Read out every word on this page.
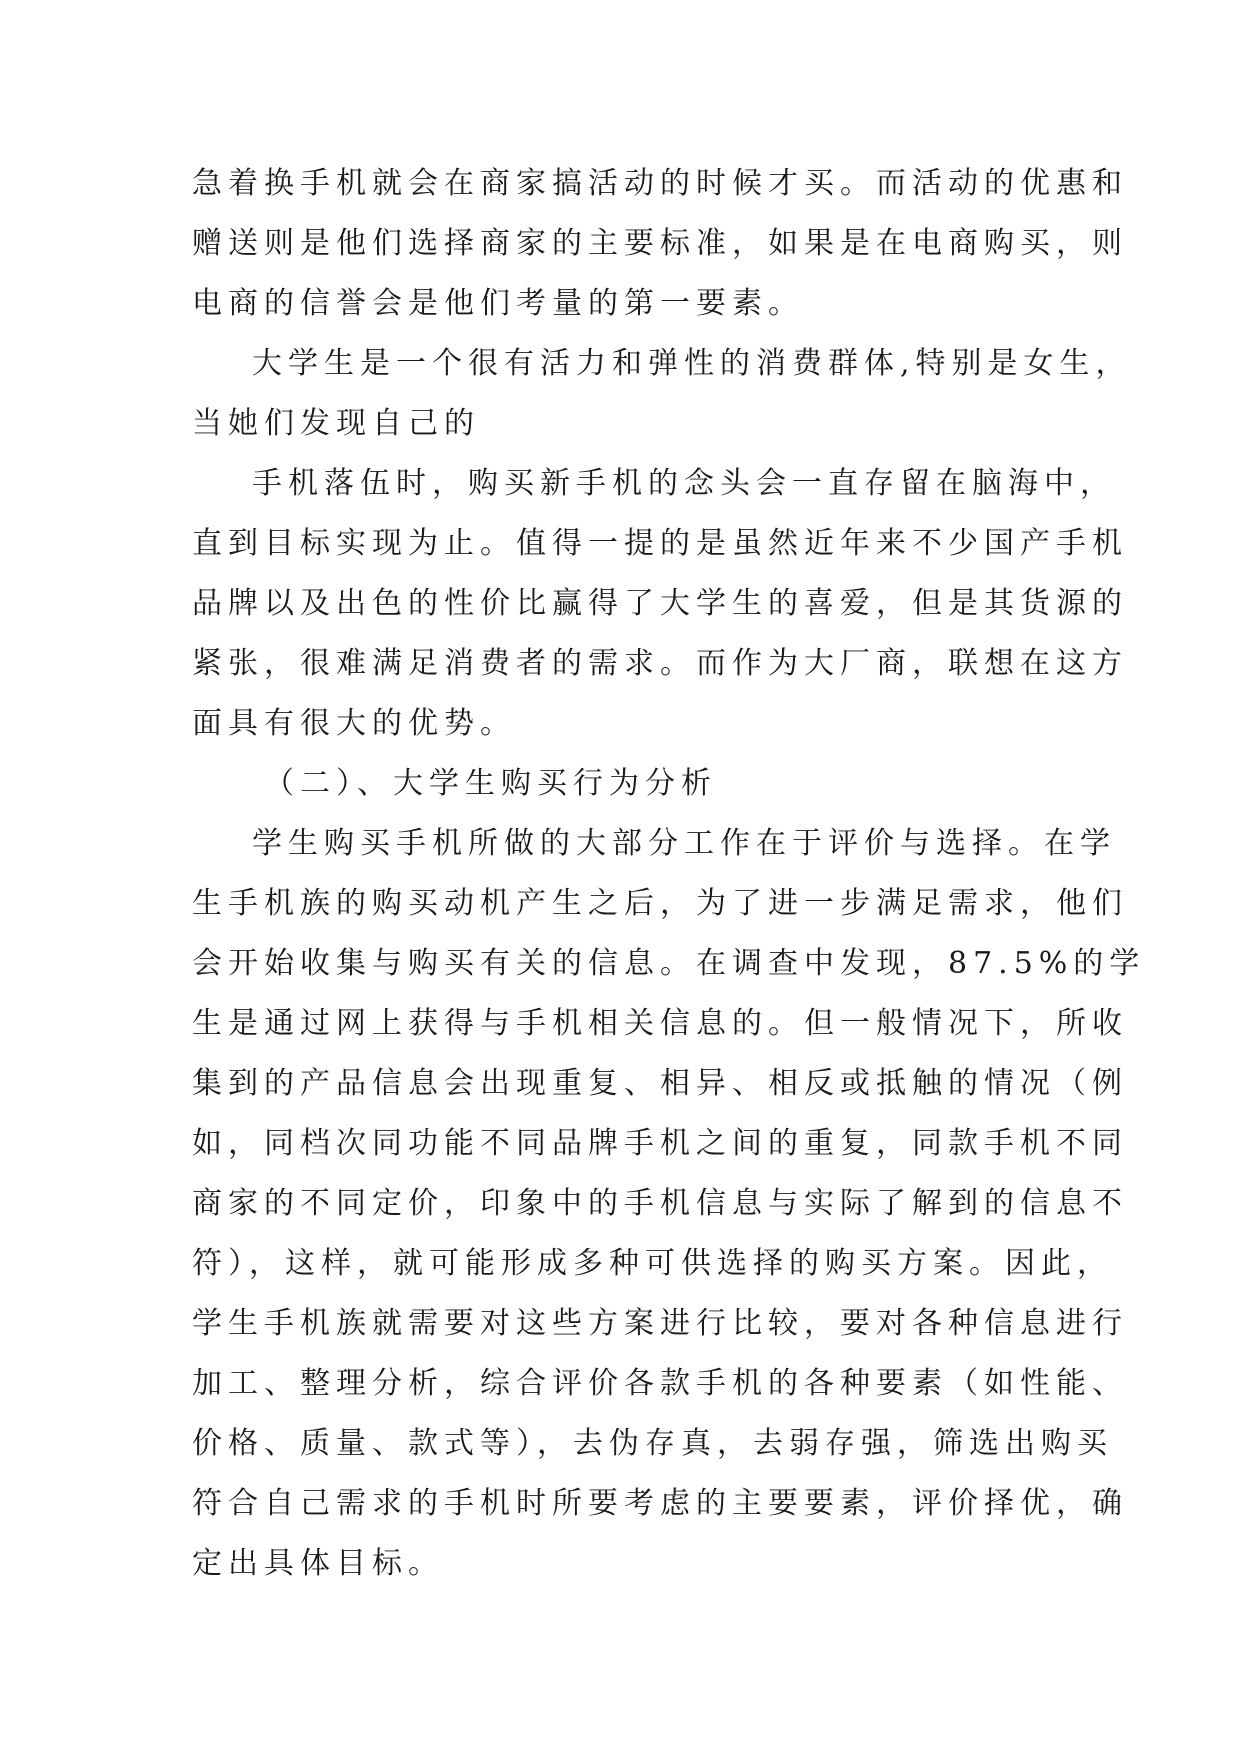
急着换手机就会在商家搞活动的时候才买。而活动的优惠和
赠送则是他们选择商家的主要标准，如果是在电商购买，则
电商的信誉会是他们考量的第一要素。
大学生是一个很有活力和弹性的消费群体,特别是女生，
当她们发现自己的
手机落伍时，购买新手机的念头会一直存留在脑海中，
直到目标实现为止。值得一提的是虽然近年来不少国产手机
品牌以及出色的性价比赢得了大学生的喜爱，但是其货源的
紧张，很难满足消费者的需求。而作为大厂商，联想在这方
面具有很大的优势。
（二）、大学生购买行为分析
学生购买手机所做的大部分工作在于评价与选择。在学
生手机族的购买动机产生之后，为了进一步满足需求，他们
会开始收集与购买有关的信息。在调查中发现，87.5%的学
生是通过网上获得与手机相关信息的。但一般情况下，所收
集到的产品信息会出现重复、相异、相反或抵触的情况（例
如，同档次同功能不同品牌手机之间的重复，同款手机不同
商家的不同定价，印象中的手机信息与实际了解到的信息不
符），这样，就可能形成多种可供选择的购买方案。因此，
学生手机族就需要对这些方案进行比较，要对各种信息进行
加工、整理分析，综合评价各款手机的各种要素（如性能、
价格、质量、款式等），去伪存真，去弱存强，筛选出购买
符合自己需求的手机时所要考虑的主要要素，评价择优，确
定出具体目标。
